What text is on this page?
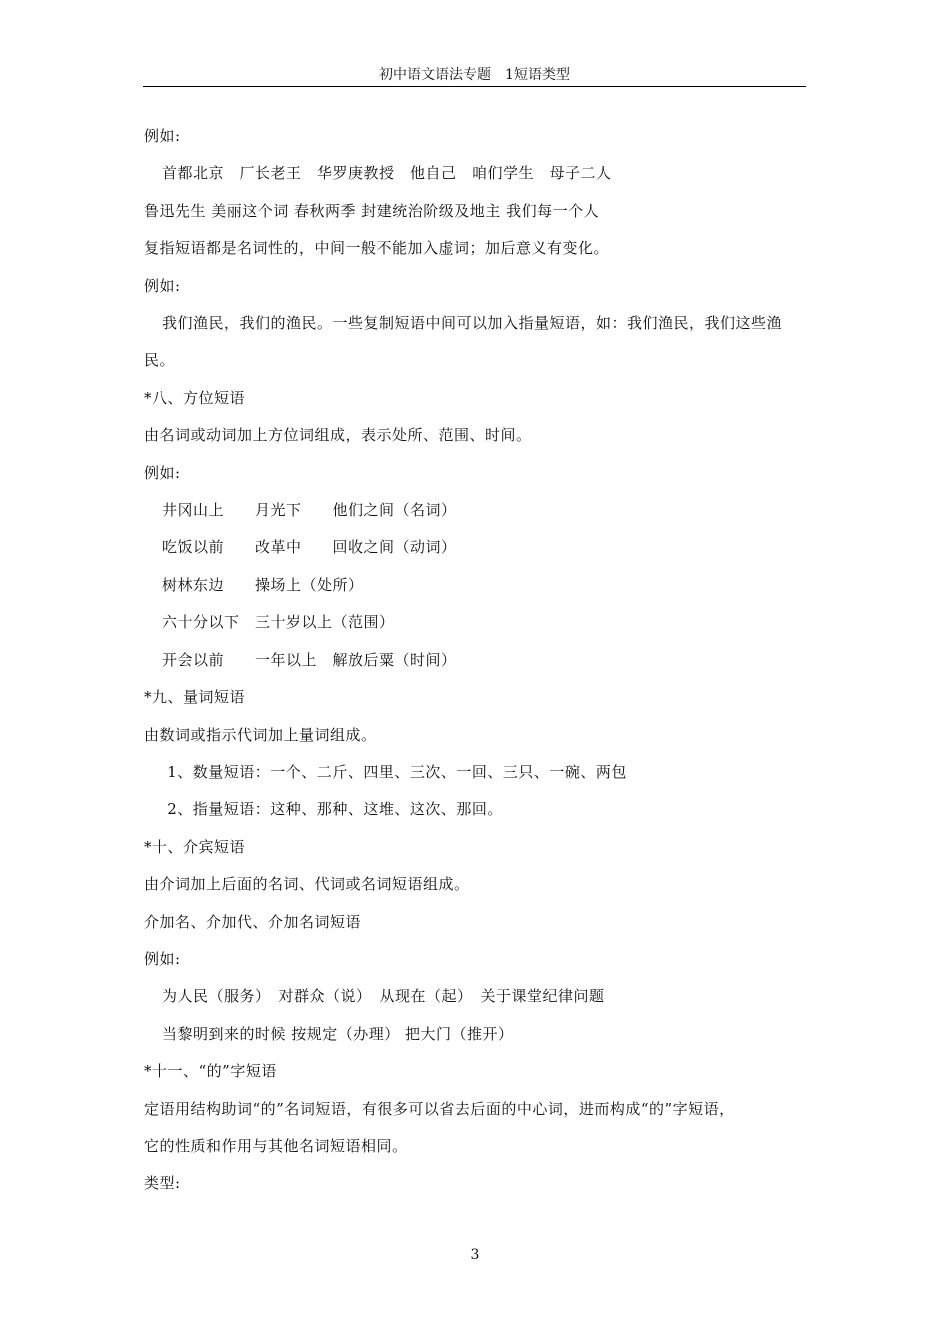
初中语文语法专题　1短语类型
例如:
首都北京　厂长老王　华罗庚教授　他自己　咱们学生　母子二人
鲁迅先生 美丽这个词 春秋两季 封建统治阶级及地主 我们每一个人
复指短语都是名词性的，中间一般不能加入虚词；加后意义有变化。
例如:
我们渔民，我们的渔民。一些复制短语中间可以加入指量短语，如：我们渔民，我们这些渔
民。
*八、方位短语
由名词或动词加上方位词组成，表示处所、范围、时间。
例如:
井冈山上　　月光下　　他们之间（名词）
吃饭以前　　改革中　　回收之间（动词）
树林东边　　操场上（处所）
六十分以下　三十岁以上（范围）
开会以前　　一年以上　解放后粟（时间）
*九、量词短语
由数词或指示代词加上量词组成。
1、数量短语：一个、二斤、四里、三次、一回、三只、一碗、两包
2、指量短语：这种、那种、这堆、这次、那回。
*十、介宾短语
由介词加上后面的名词、代词或名词短语组成。
介加名、介加代、介加名词短语
例如:
为人民（服务）　对群众（说）　从现在（起）　关于课堂纪律问题
当黎明到来的时候 按规定（办理） 把大门（推开）
*十一、“的”字短语
定语用结构助词“的”名词短语，有很多可以省去后面的中心词，进而构成“的”字短语，
它的性质和作用与其他名词短语相同。
类型:
3
